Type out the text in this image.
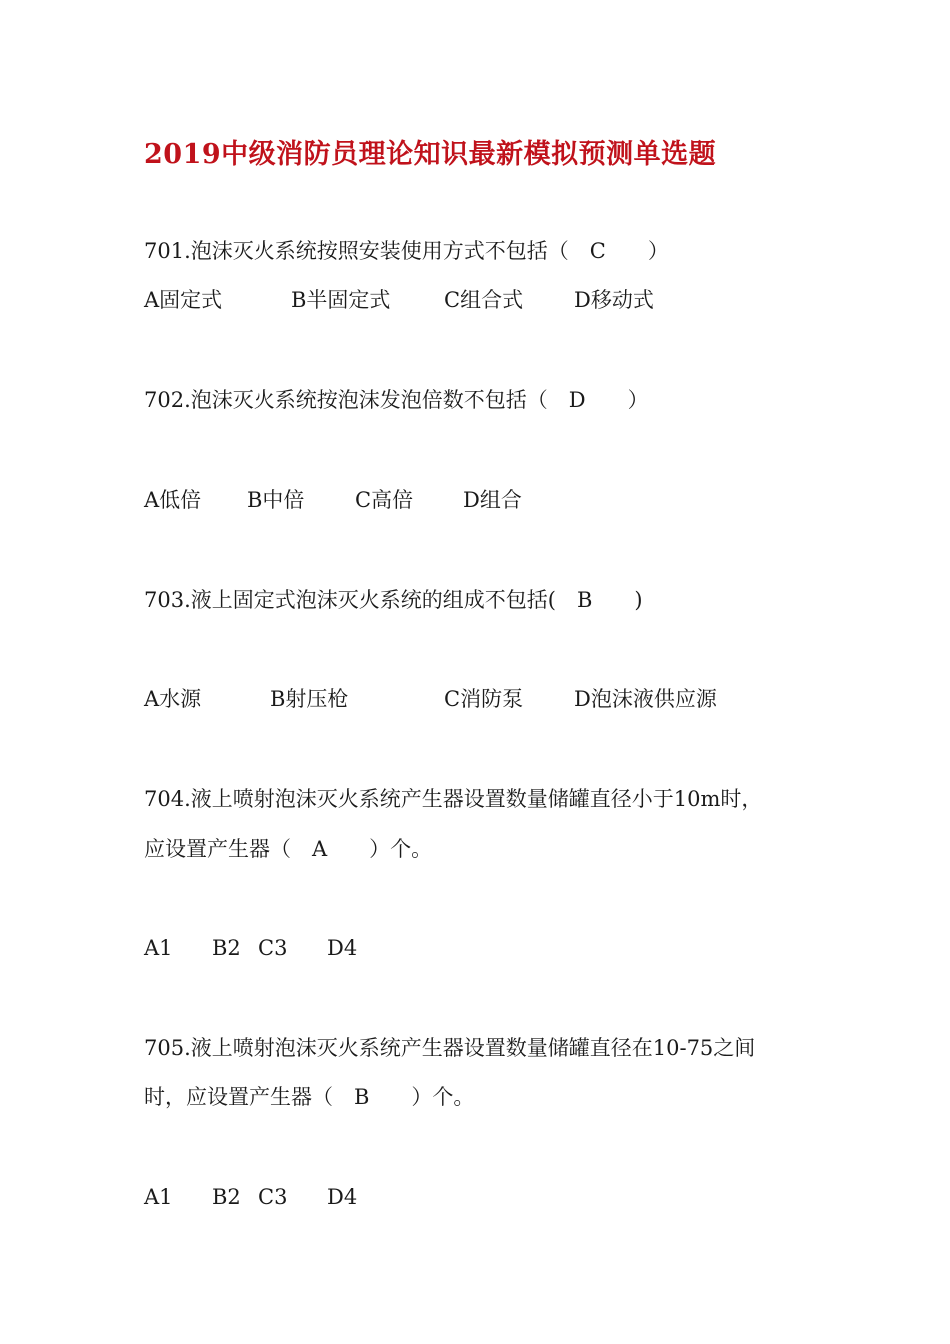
2019中级消防员理论知识最新模拟预测单选题
701.泡沫灭火系统按照安装使用方式不包括（　C　　）
A固定式	B半固定式	C组合式 D移动式
702.泡沫灭火系统按泡沫发泡倍数不包括（　D　　）
A低倍 B中倍 C高倍 D组合
703.液上固定式泡沫灭火系统的组成不包括(　B　　)
A水源	B射压枪	C消防泵 D泡沫液供应源
704.液上喷射泡沫灭火系统产生器设置数量储罐直径小于10m时，
应设置产生器（　A　　）个。
A1 B2 C3 D4
705.液上喷射泡沫灭火系统产生器设置数量储罐直径在10-75之间
时，应设置产生器（　B　　）个。
A1 B2 C3 D4
